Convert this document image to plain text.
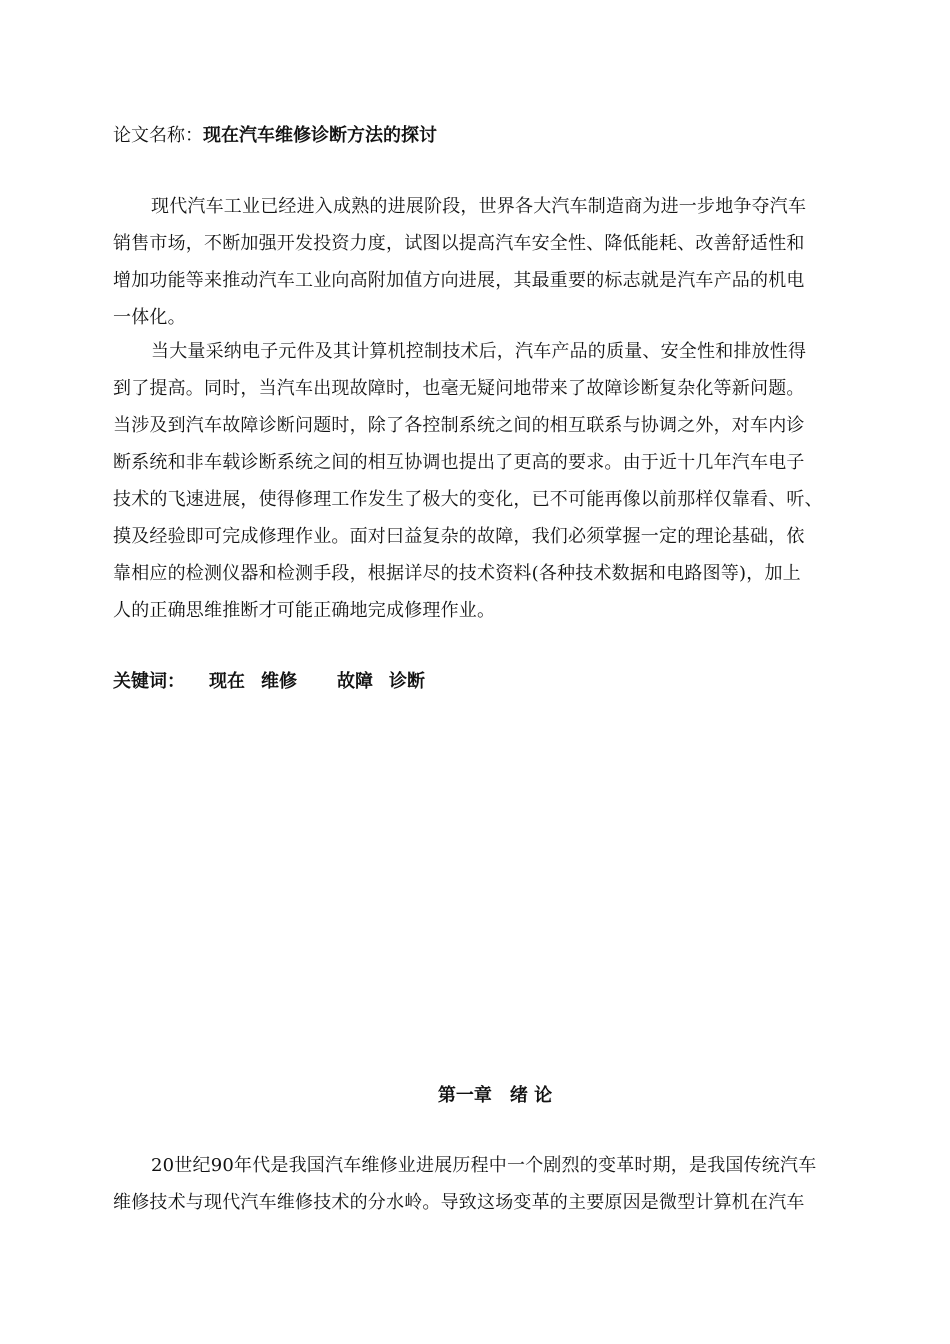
论文名称：现在汽车维修诊断方法的探讨
现代汽车工业已经进入成熟的进展阶段，世界各大汽车制造商为进一步地争夺汽车
销售市场，不断加强开发投资力度，试图以提高汽车安全性、降低能耗、改善舒适性和
增加功能等来推动汽车工业向高附加值方向进展，其最重要的标志就是汽车产品的机电
一体化。
当大量采纳电子元件及其计算机控制技术后，汽车产品的质量、安全性和排放性得
到了提高。同时，当汽车出现故障时，也毫无疑问地带来了故障诊断复杂化等新问题。
当涉及到汽车故障诊断问题时，除了各控制系统之间的相互联系与协调之外，对车内诊
断系统和非车载诊断系统之间的相互协调也提出了更高的要求。由于近十几年汽车电子
技术的飞速进展，使得修理工作发生了极大的变化，已不可能再像以前那样仅靠看、听、
摸及经验即可完成修理作业。面对曰益复杂的故障，我们必须掌握一定的理论基础，依
靠相应的检测仪器和检测手段，根据详尽的技术资料(各种技术数据和电路图等)，加上
人的正确思维推断才可能正确地完成修理作业。
关键词： 现在 维修 故障 诊断
第一章　绪 论
20世纪90年代是我国汽车维修业进展历程中一个剧烈的变革时期，是我国传统汽车
维修技术与现代汽车维修技术的分水岭。导致这场变革的主要原因是微型计算机在汽车
